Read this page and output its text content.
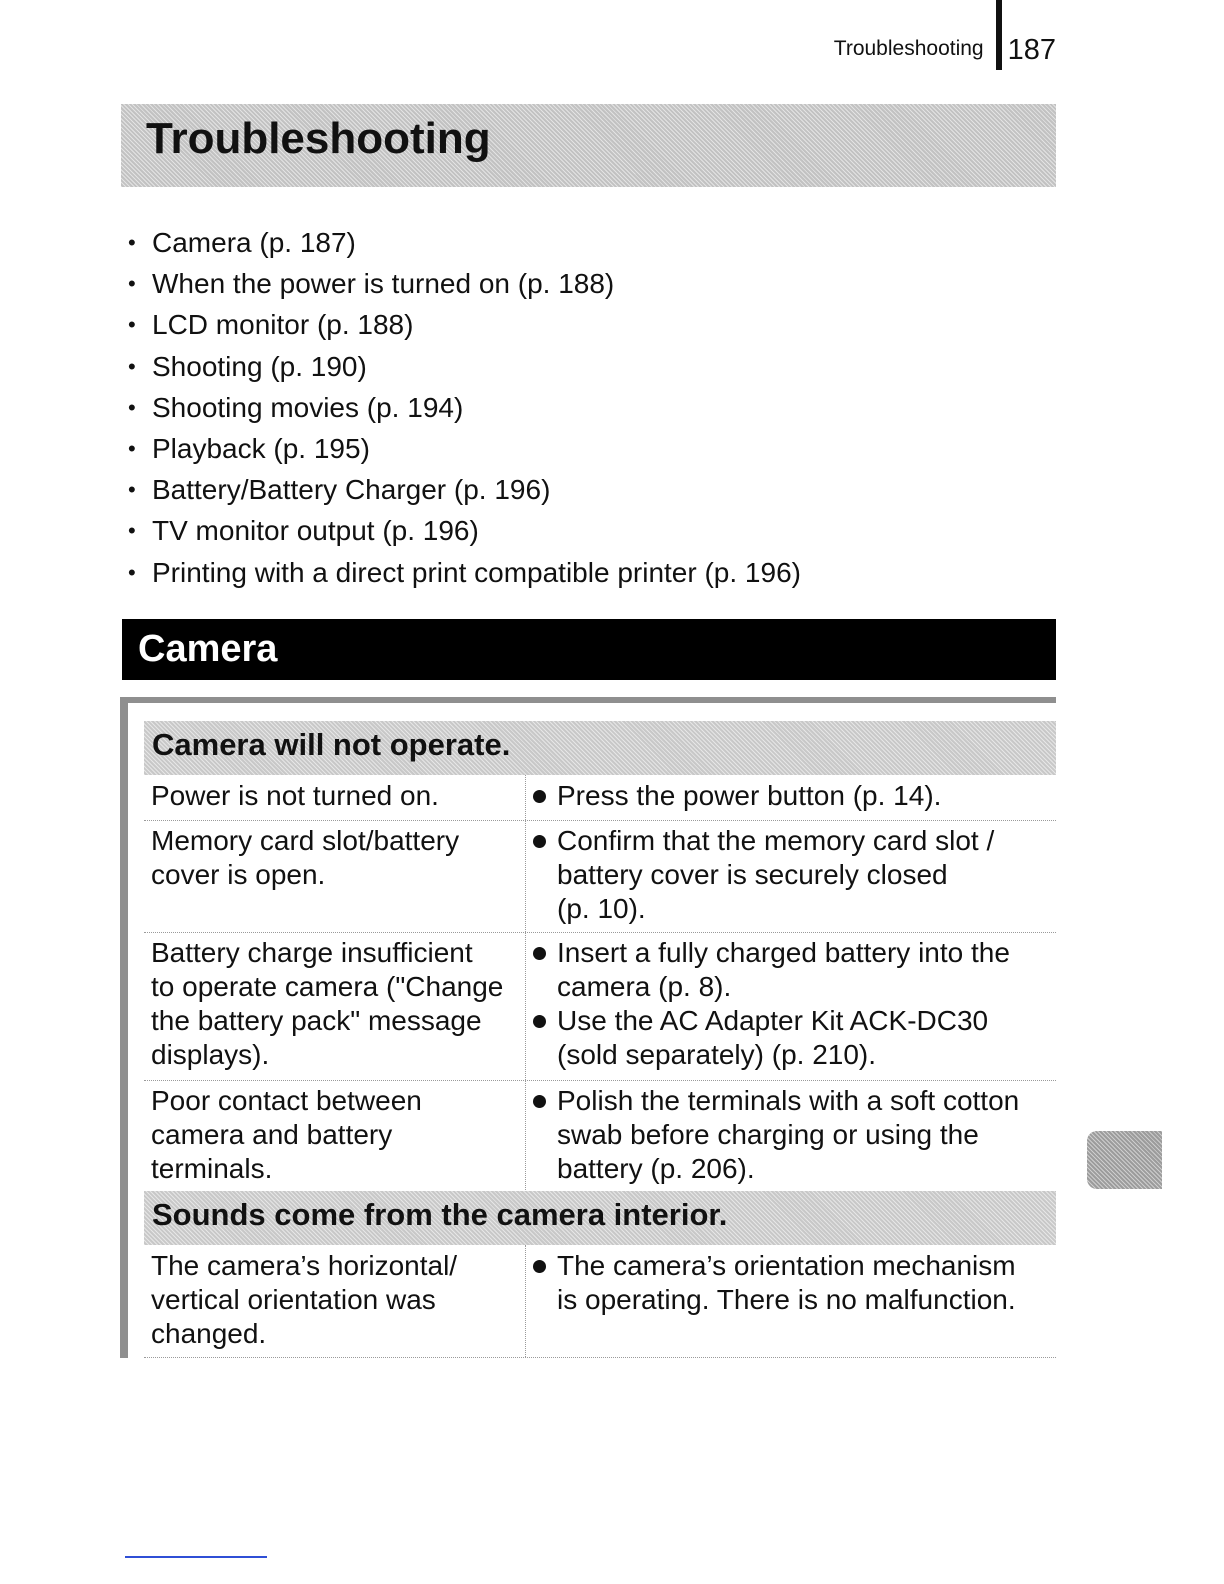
Troubleshooting 187
Troubleshooting
• Camera (p. 187)
• When the power is turned on (p. 188)
• LCD monitor (p. 188)
• Shooting (p. 190)
• Shooting movies (p. 194)
• Playback (p. 195)
• Battery/Battery Charger (p. 196)
• TV monitor output (p. 196)
• Printing with a direct print compatible printer (p. 196)
Camera
Camera will not operate.
Power is not turned on.	Press the power button (p. 14).
Memory card slot/battery
cover is open.
Confirm that the memory card slot /
battery cover is securely closed
(p. 10).
Battery charge insufficient
to operate camera ("Change
the battery pack" message
displays).
Insert a fully charged battery into the
camera (p. 8).
Use the AC Adapter Kit ACK-DC30
(sold separately) (p. 210).
Poor contact between
camera and battery
terminals.
Polish the terminals with a soft cotton
swab before charging or using the
battery (p. 206).
Sounds come from the camera interior.
The camera’s horizontal/
vertical orientation was
changed.
The camera’s orientation mechanism
is operating. There is no malfunction.
